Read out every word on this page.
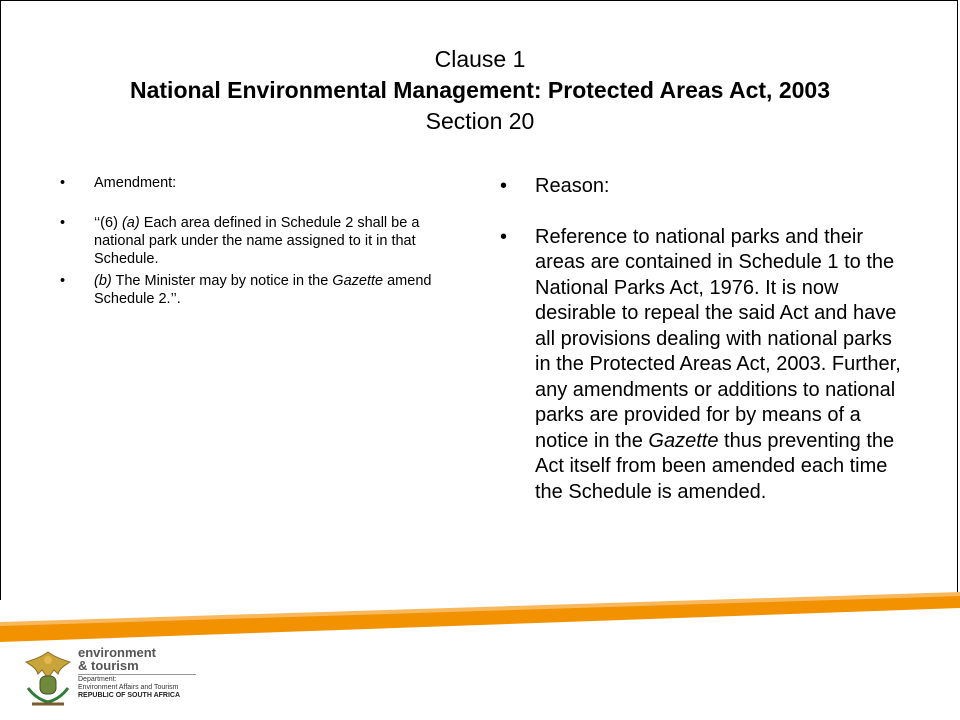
Clause 1
National Environmental Management: Protected Areas Act, 2003
Section 20
• Amendment:
• ‘‘(6) (a) Each area defined in Schedule 2 shall be a national park under the name assigned to it in that Schedule.
• (b) The Minister may by notice in the Gazette amend Schedule 2.’’.
• Reason:
• Reference to national parks and their areas are contained in Schedule 1 to the National Parks Act, 1976. It is now desirable to repeal the said Act and have all provisions dealing with national parks in the Protected Areas Act, 2003. Further, any amendments or additions to national parks are provided for by means of a notice in the Gazette thus preventing the Act itself from been amended each time the Schedule is amended.
environment
& tourism
Department:
Environment Affairs and Tourism
REPUBLIC OF SOUTH AFRICA
